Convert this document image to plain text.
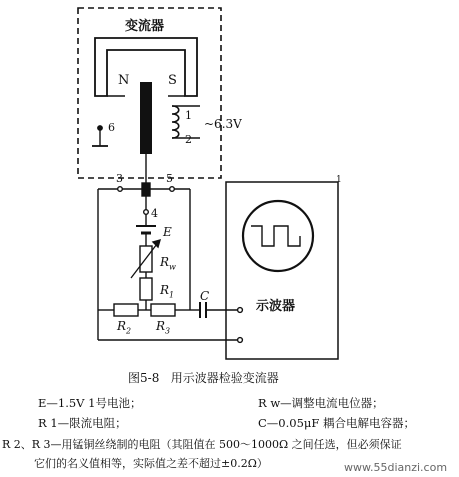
变流器
N	S
6
1
2
~6.3V
3	5
4
E
$R_w$
$R_1$
$R_2$ $R_3$
C
示波器
1
图5-8 用示波器检验变流器
E—1.5V 1号电池；	R w—调整电流电位器；
R 1—限流电阻；	C—0.05μF 耦合电解电容器；
R 2、R 3—用锰铜丝绕制的电阻（其阻值在 500～1000Ω 之间任选，但必须保证
它们的名义值相等，实际值之差不超过±0.2Ω）	www.55dianzi.com
